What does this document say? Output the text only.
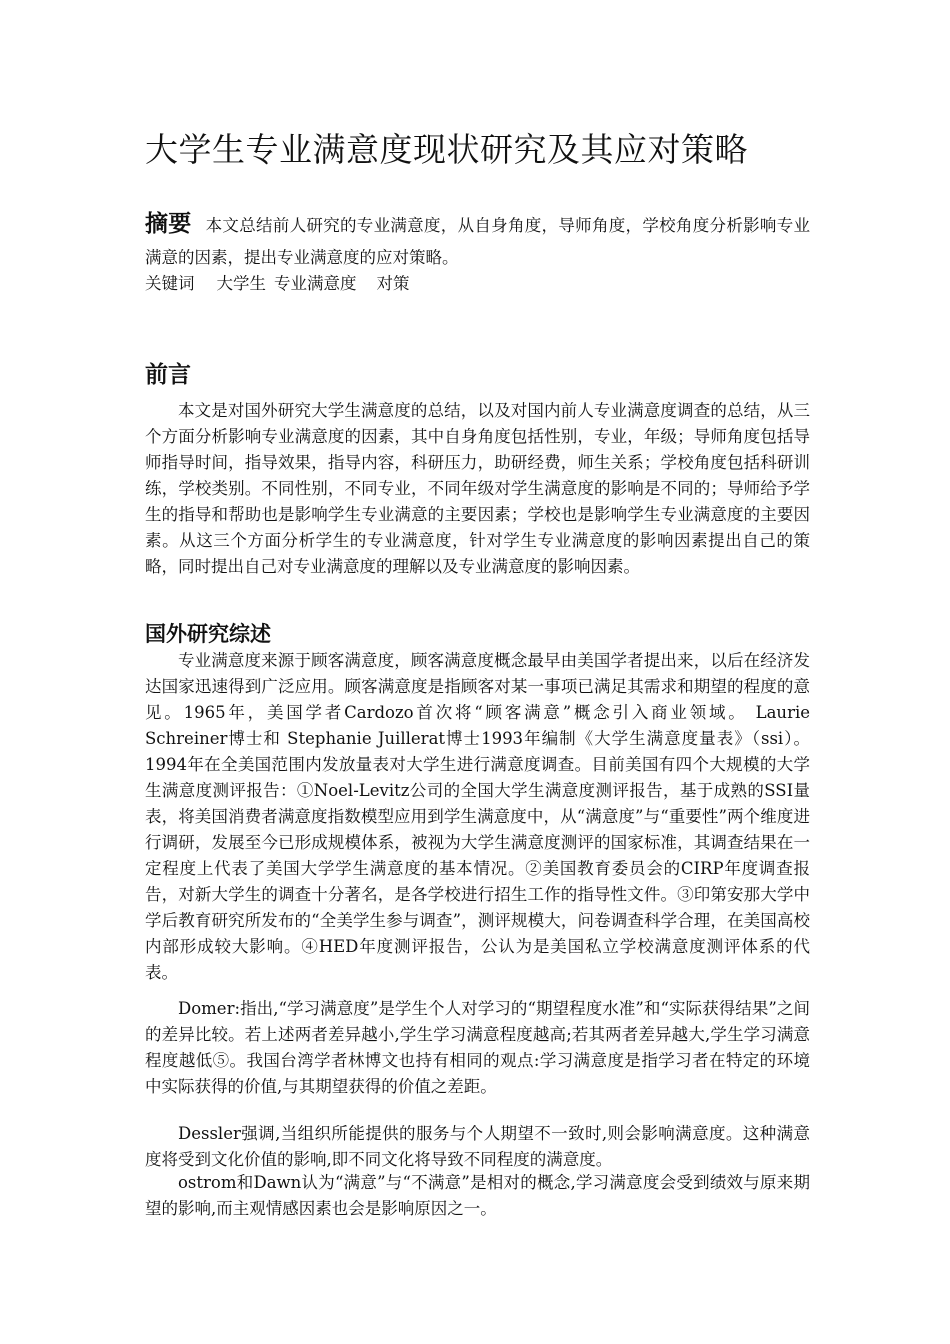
大学生专业满意度现状研究及其应对策略
摘要 本文总结前人研究的专业满意度，从自身角度，导师角度，学校角度分析影响专业满意的因素，提出专业满意度的应对策略。
关键词 大学生 专业满意度 对策
前言

本文是对国外研究大学生满意度的总结，以及对国内前人专业满意度调查的总结，从三个方面分析影响专业满意度的因素，其中自身角度包括性别，专业，年级；导师角度包括导师指导时间，指导效果，指导内容，科研压力，助研经费，师生关系；学校角度包括科研训练，学校类别。不同性别，不同专业，不同年级对学生满意度的影响是不同的；导师给予学生的指导和帮助也是影响学生专业满意的主要因素；学校也是影响学生专业满意度的主要因素。从这三个方面分析学生的专业满意度，针对学生专业满意度的影响因素提出自己的策略，同时提出自己对专业满意度的理解以及专业满意度的影响因素。

国外研究综述

专业满意度来源于顾客满意度，顾客满意度概念最早由美国学者提出来，以后在经济发达国家迅速得到广泛应用。顾客满意度是指顾客对某一事项已满足其需求和期望的程度的意见。1965年，美国学者Cardozo首次将“顾客满意”概念引入商业领域。 Laurie Schreiner博士和 Stephanie Juillerat博士1993年编制《大学生满意度量表》（ssi）。1994年在全美国范围内发放量表对大学生进行满意度调查。目前美国有四个大规模的大学生满意度测评报告：①Noel-Levitz公司的全国大学生满意度测评报告，基于成熟的SSI量表，将美国消费者满意度指数模型应用到学生满意度中，从“满意度”与“重要性”两个维度进行调研，发展至今已形成规模体系，被视为大学生满意度测评的国家标准，其调查结果在一定程度上代表了美国大学学生满意度的基本情况。②美国教育委员会的CIRP年度调查报告，对新大学生的调查十分著名，是各学校进行招生工作的指导性文件。③印第安那大学中学后教育研究所发布的“全美学生参与调查”，测评规模大，问卷调查科学合理，在美国高校内部形成较大影响。④HED年度测评报告，公认为是美国私立学校满意度测评体系的代表。

Domer:指出,“学习满意度”是学生个人对学习的“期望程度水准”和“实际获得结果”之间的差异比较。若上述两者差异越小,学生学习满意程度越高;若其两者差异越大,学生学习满意程度越低⑤。我国台湾学者林博文也持有相同的观点:学习满意度是指学习者在特定的环境中实际获得的价值,与其期望获得的价值之差距。

Dessler强调,当组织所能提供的服务与个人期望不一致时,则会影响满意度。这种满意度将受到文化价值的影响,即不同文化将导致不同程度的满意度。

ostrom和Dawn认为“满意”与“不满意”是相对的概念,学习满意度会受到绩效与原来期望的影响,而主观情感因素也会是影响原因之一。
